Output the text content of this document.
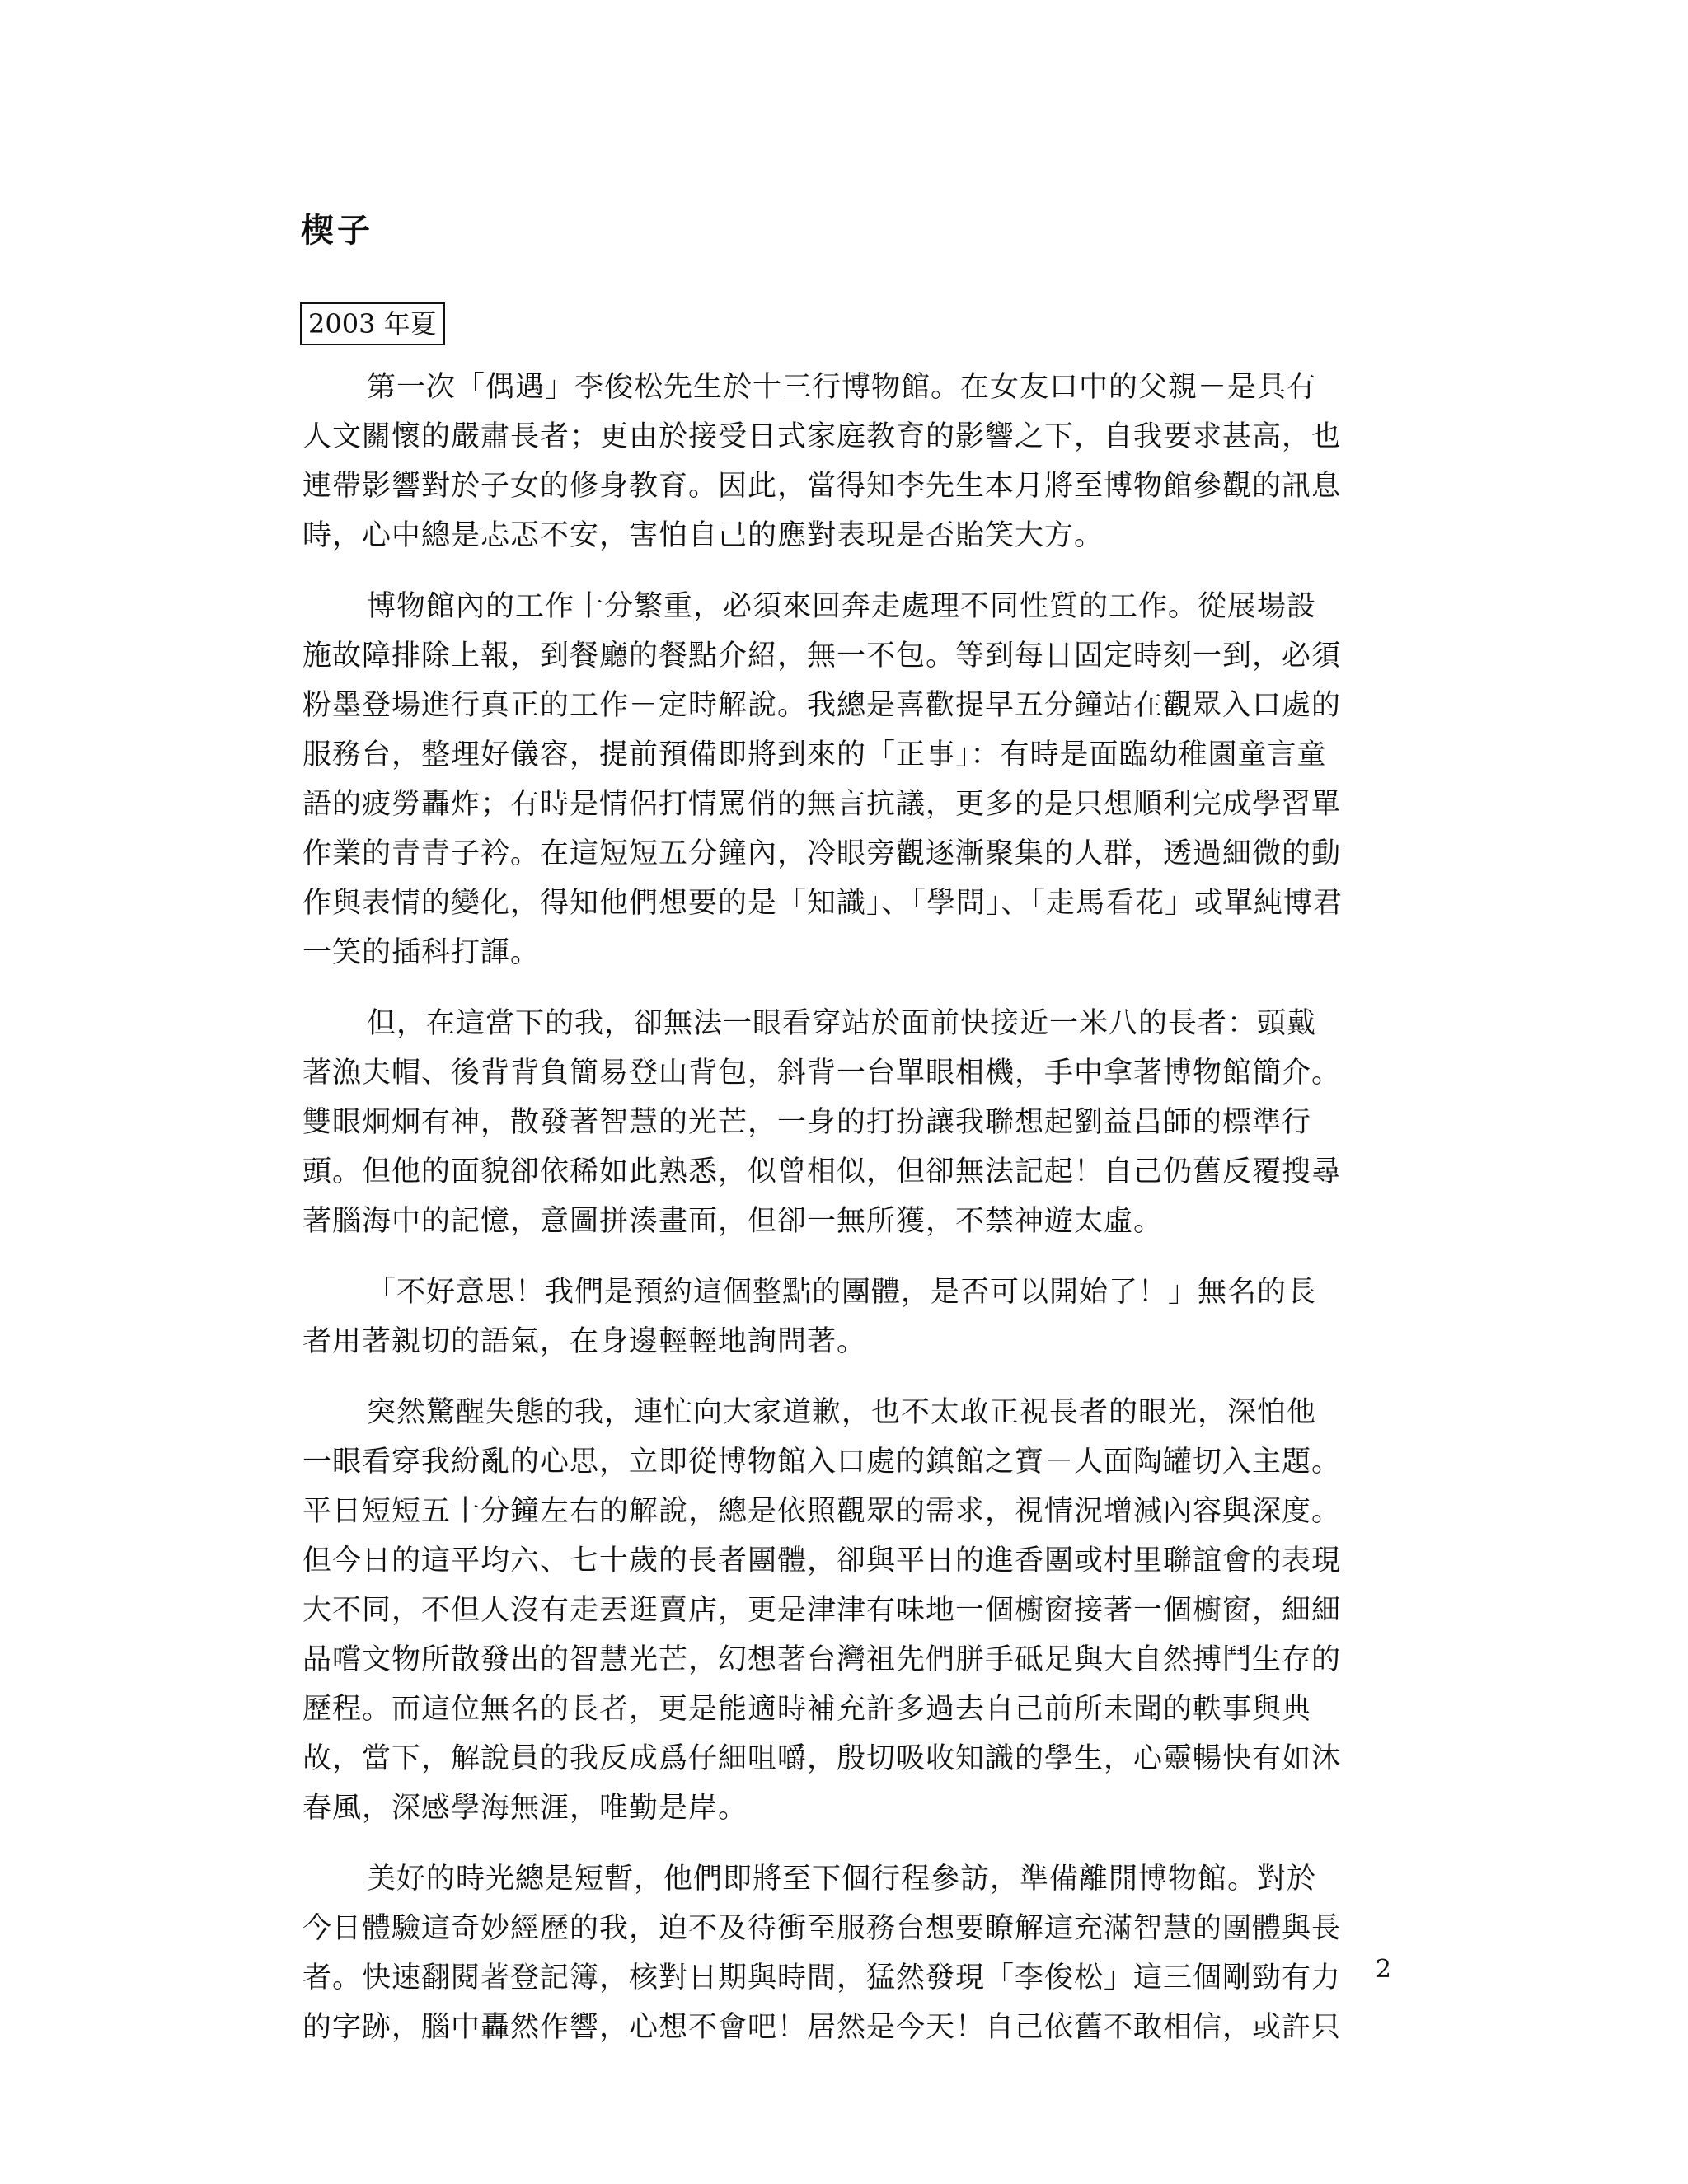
楔子
2003 年夏

第一次「偶遇」李俊松先生於十三行博物館。在女友口中的父親－是具有
人文關懷的嚴肅長者；更由於接受日式家庭教育的影響之下，自我要求甚高，也
連帶影響對於子女的修身教育。因此，當得知李先生本月將至博物館參觀的訊息
時，心中總是忐忑不安，害怕自己的應對表現是否貽笑大方。

博物館內的工作十分繁重，必須來回奔走處理不同性質的工作。從展場設
施故障排除上報，到餐廳的餐點介紹，無一不包。等到每日固定時刻一到，必須
粉墨登場進行真正的工作－定時解說。我總是喜歡提早五分鐘站在觀眾入口處的
服務台，整理好儀容，提前預備即將到來的「正事」：有時是面臨幼稚園童言童
語的疲勞轟炸；有時是情侶打情罵俏的無言抗議，更多的是只想順利完成學習單
作業的青青子衿。在這短短五分鐘內，冷眼旁觀逐漸聚集的人群，透過細微的動
作與表情的變化，得知他們想要的是「知識」、「學問」、「走馬看花」或單純博君
一笑的插科打諢。

但，在這當下的我，卻無法一眼看穿站於面前快接近一米八的長者：頭戴
著漁夫帽、後背背負簡易登山背包，斜背一台單眼相機，手中拿著博物館簡介。
雙眼炯炯有神，散發著智慧的光芒，一身的打扮讓我聯想起劉益昌師的標準行
頭。但他的面貌卻依稀如此熟悉，似曾相似，但卻無法記起！自己仍舊反覆搜尋
著腦海中的記憶，意圖拼湊畫面，但卻一無所獲，不禁神遊太虛。

「不好意思！我們是預約這個整點的團體，是否可以開始了！」無名的長
者用著親切的語氣，在身邊輕輕地詢問著。

突然驚醒失態的我，連忙向大家道歉，也不太敢正視長者的眼光，深怕他
一眼看穿我紛亂的心思，立即從博物館入口處的鎮館之寶－人面陶罐切入主題。
平日短短五十分鐘左右的解說，總是依照觀眾的需求，視情況增減內容與深度。
但今日的這平均六、七十歲的長者團體，卻與平日的進香團或村里聯誼會的表現
大不同，不但人沒有走丟逛賣店，更是津津有味地一個櫥窗接著一個櫥窗，細細
品嚐文物所散發出的智慧光芒，幻想著台灣祖先們胼手砥足與大自然搏鬥生存的
歷程。而這位無名的長者，更是能適時補充許多過去自己前所未聞的軼事與典
故，當下，解說員的我反成爲仔細咀嚼，殷切吸收知識的學生，心靈暢快有如沐
春風，深感學海無涯，唯勤是岸。

美好的時光總是短暫，他們即將至下個行程參訪，準備離開博物館。對於
今日體驗這奇妙經歷的我，迫不及待衝至服務台想要瞭解這充滿智慧的團體與長
者。快速翻閱著登記簿，核對日期與時間，猛然發現「李俊松」這三個剛勁有力
的字跡，腦中轟然作響，心想不會吧！居然是今天！自己依舊不敢相信，或許只

2
